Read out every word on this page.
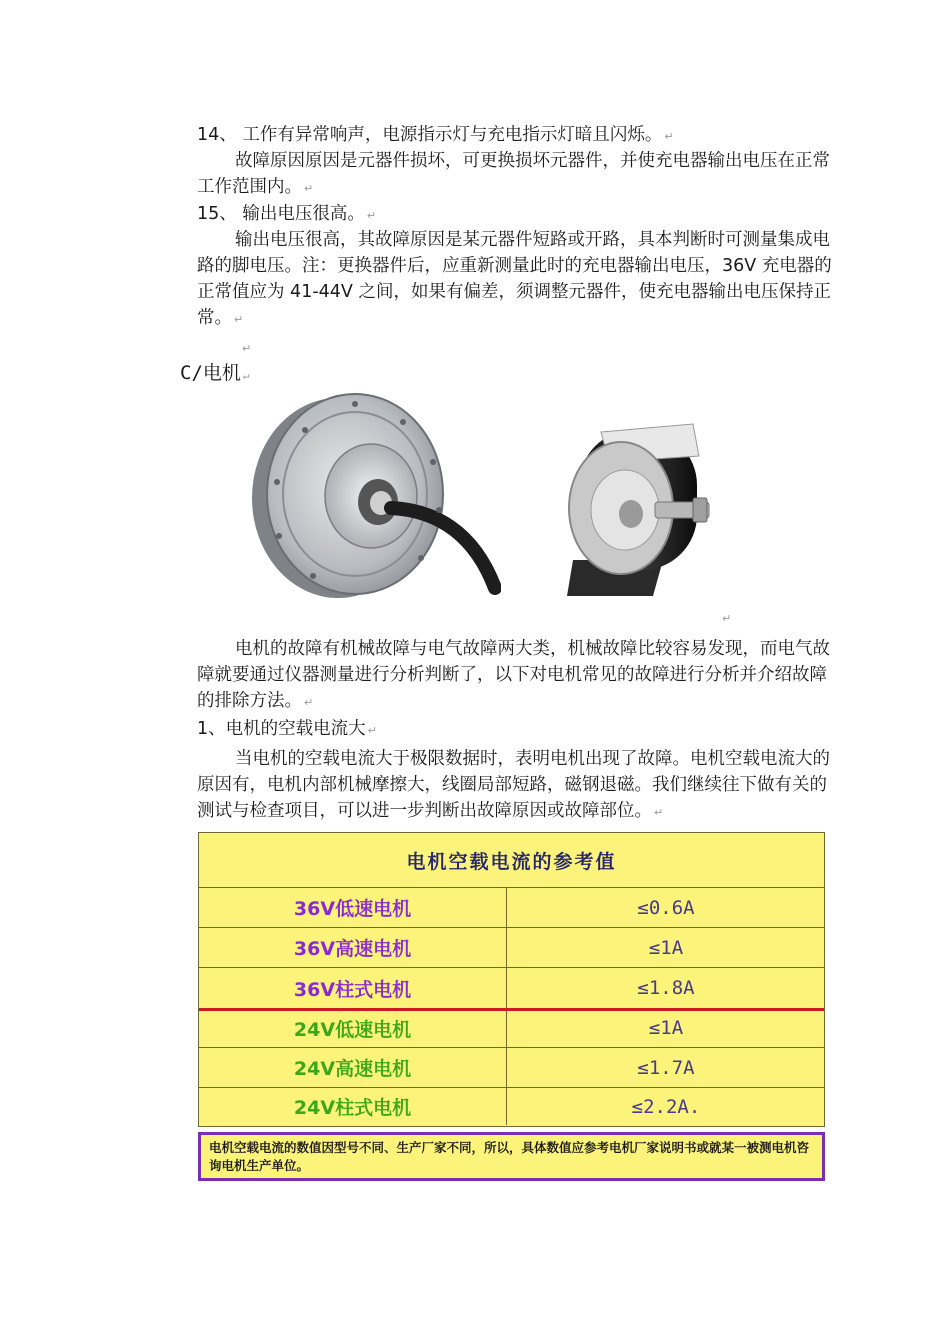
14、 工作有异常响声，电源指示灯与充电指示灯暗且闪烁。 ↵
故障原因原因是元器件损坏，可更换损坏元器件，并使充电器输出电压在正常工作范围内。 ↵
15、 输出电压很高。 ↵
输出电压很高，其故障原因是某元器件短路或开路，具本判断时可测量集成电路的脚电压。注：更换器件后，应重新测量此时的充电器输出电压，36V 充电器的正常值应为 41-44V 之间，如果有偏差，须调整元器件，使充电器输出电压保持正常。 ↵
↵
C/电机 ↵
↵
电机的故障有机械故障与电气故障两大类，机械故障比较容易发现，而电气故障就要通过仪器测量进行分析判断了，以下对电机常见的故障进行分析并介绍故障的排除方法。 ↵
1、电机的空载电流大 ↵
当电机的空载电流大于极限数据时，表明电机出现了故障。电机空载电流大的原因有，电机内部机械摩擦大，线圈局部短路，磁钢退磁。我们继续往下做有关的测试与检查项目，可以进一步判断出故障原因或故障部位。 ↵
电机空载电流的参考值
36V低速电机	≤0.6A
36V高速电机	≤1A
36V柱式电机	≤1.8A
24V低速电机	≤1A
24V高速电机	≤1.7A
24V柱式电机	≤2.2A.
电机空载电流的数值因型号不同、生产厂家不同，所以，具体数值应参考电机厂家说明书或就某一被测电机咨询电机生产单位。
